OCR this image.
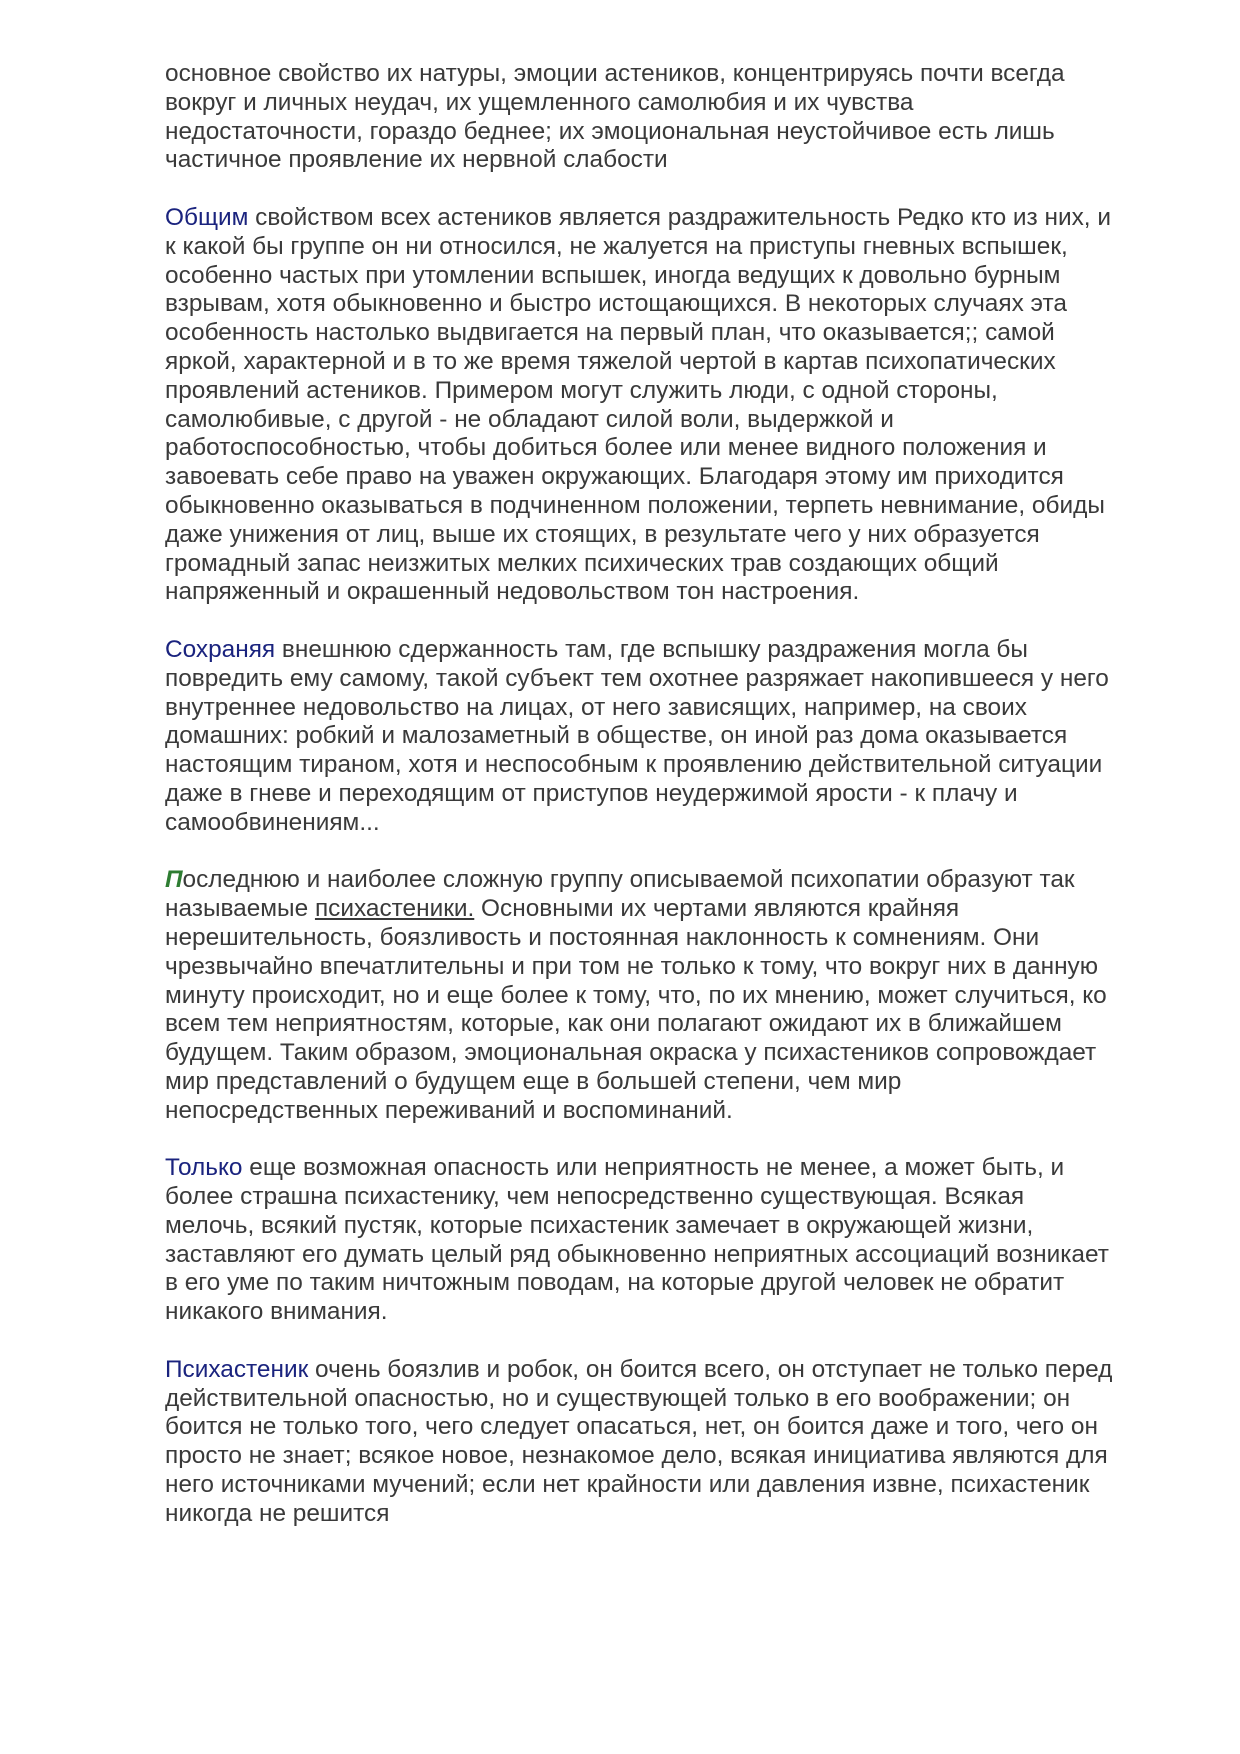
основное свойство их натуры, эмоции астеников, концентрируясь почти всегда вокруг и личных неудач, их ущемленного самолюбия и их чувства недостаточности, гораздо беднее; их эмоциональная неустойчивое есть лишь частичное проявление их нервной слабости

Общим свойством всех астеников является раздражительность Редко кто из них, и к какой бы группе он ни относился, не жалуется на приступы гневных вспышек, особенно частых при утомлении вспышек, иногда ведущих к довольно бурным взрывам, хотя обыкновенно и быстро истощающихся. В некоторых случаях эта особенность настолько выдвигается на первый план, что оказывается;; самой яркой, характерной и в то же время тяжелой чертой в картав психопатических проявлений астеников. Примером могут служить люди, с одной стороны, самолюбивые, с другой - не обладают силой воли, выдержкой и работоспособностью, чтобы добиться более или менее видного положения и завоевать себе право на уважен окружающих. Благодаря этому им приходится обыкновенно оказываться в подчиненном положении, терпеть невнимание, обиды даже унижения от лиц, выше их стоящих, в результате чего у них образуется громадный запас неизжитых мелких психических трав создающих общий напряженный и окрашенный недовольством тон настроения.

Сохраняя внешнюю сдержанность там, где вспышку раздражения могла бы повредить ему самому, такой субъект тем охотнее разряжает накопившееся у него внутреннее недовольство на лицах, от него зависящих, например, на своих домашних: робкий и малозаметный в обществе, он иной раз дома оказывается настоящим тираном, хотя и неспособным к проявлению действительной ситуации даже в гневе и переходящим от приступов неудержимой ярости - к плачу и самообвинениям...

Последнюю и наиболее сложную группу описываемой психопатии образуют так называемые психастеники. Основными их чертами являются крайняя нерешительность, боязливость и постоянная наклонность к сомнениям. Они чрезвычайно впечатлительны и при том не только к тому, что вокруг них в данную минуту происходит, но и еще более к тому, что, по их мнению, может случиться, ко всем тем неприятностям, которые, как они полагают ожидают их в ближайшем будущем. Таким образом, эмоциональная окраска у психастеников сопровождает мир представлений о будущем еще в большей степени, чем мир непосредственных переживаний и воспоминаний.

Только еще возможная опасность или неприятность не менее, а может быть, и более страшна психастенику, чем непосредственно существующая. Всякая мелочь, всякий пустяк, которые психастеник замечает в окружающей жизни, заставляют его думать целый ряд обыкновенно неприятных ассоциаций возникает в его уме по таким ничтожным поводам, на которые другой человек не обратит никакого внимания.

Психастеник очень боязлив и робок, он боится всего, он отступает не только перед действительной опасностью, но и существующей только в его воображении; он боится не только того, чего следует опасаться, нет, он боится даже и того, чего он просто не знает; всякое новое, незнакомое дело, всякая инициатива являются для него источниками мучений; если нет крайности или давления извне, психастеник никогда не решится
